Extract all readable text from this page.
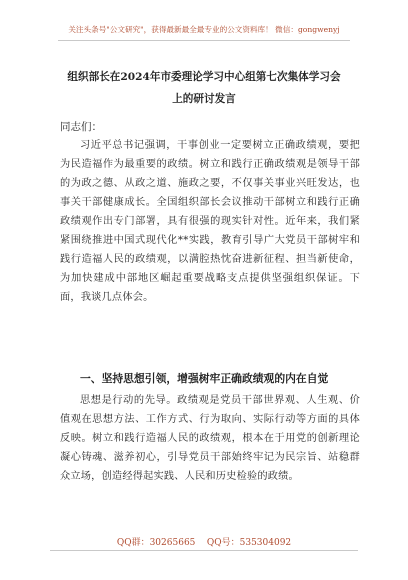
关注头条号"公文研究"，获得最新最全最专业的公文资料库！ 微信：gongwenyj
组织部长在2024年市委理论学习中心组第七次集体学习会
上的研讨发言
同志们：
习近平总书记强调，干事创业一定要树立正确政绩观，要把为民造福作为最重要的政绩。树立和践行正确政绩观是领导干部的为政之德、从政之道、施政之要，不仅事关事业兴旺发达，也事关干部健康成长。全国组织部长会议推动干部树立和践行正确政绩观作出专门部署，具有很强的现实针对性。近年来，我们紧紧围绕推进中国式现代化**实践，教育引导广大党员干部树牢和践行造福人民的政绩观，以满腔热忱奋进新征程、担当新使命，为加快建成中部地区崛起重要战略支点提供坚强组织保证。下面，我谈几点体会。
一、坚持思想引领，增强树牢正确政绩观的内在自觉
思想是行动的先导。政绩观是党员干部世界观、人生观、价值观在思想方法、工作方式、行为取向、实际行动等方面的具体反映。树立和践行造福人民的政绩观，根本在于用党的创新理论凝心铸魂、滋养初心，引导党员干部始终牢记为民宗旨、站稳群众立场，创造经得起实践、人民和历史检验的政绩。
QQ群：30265665 QQ号：535304092
